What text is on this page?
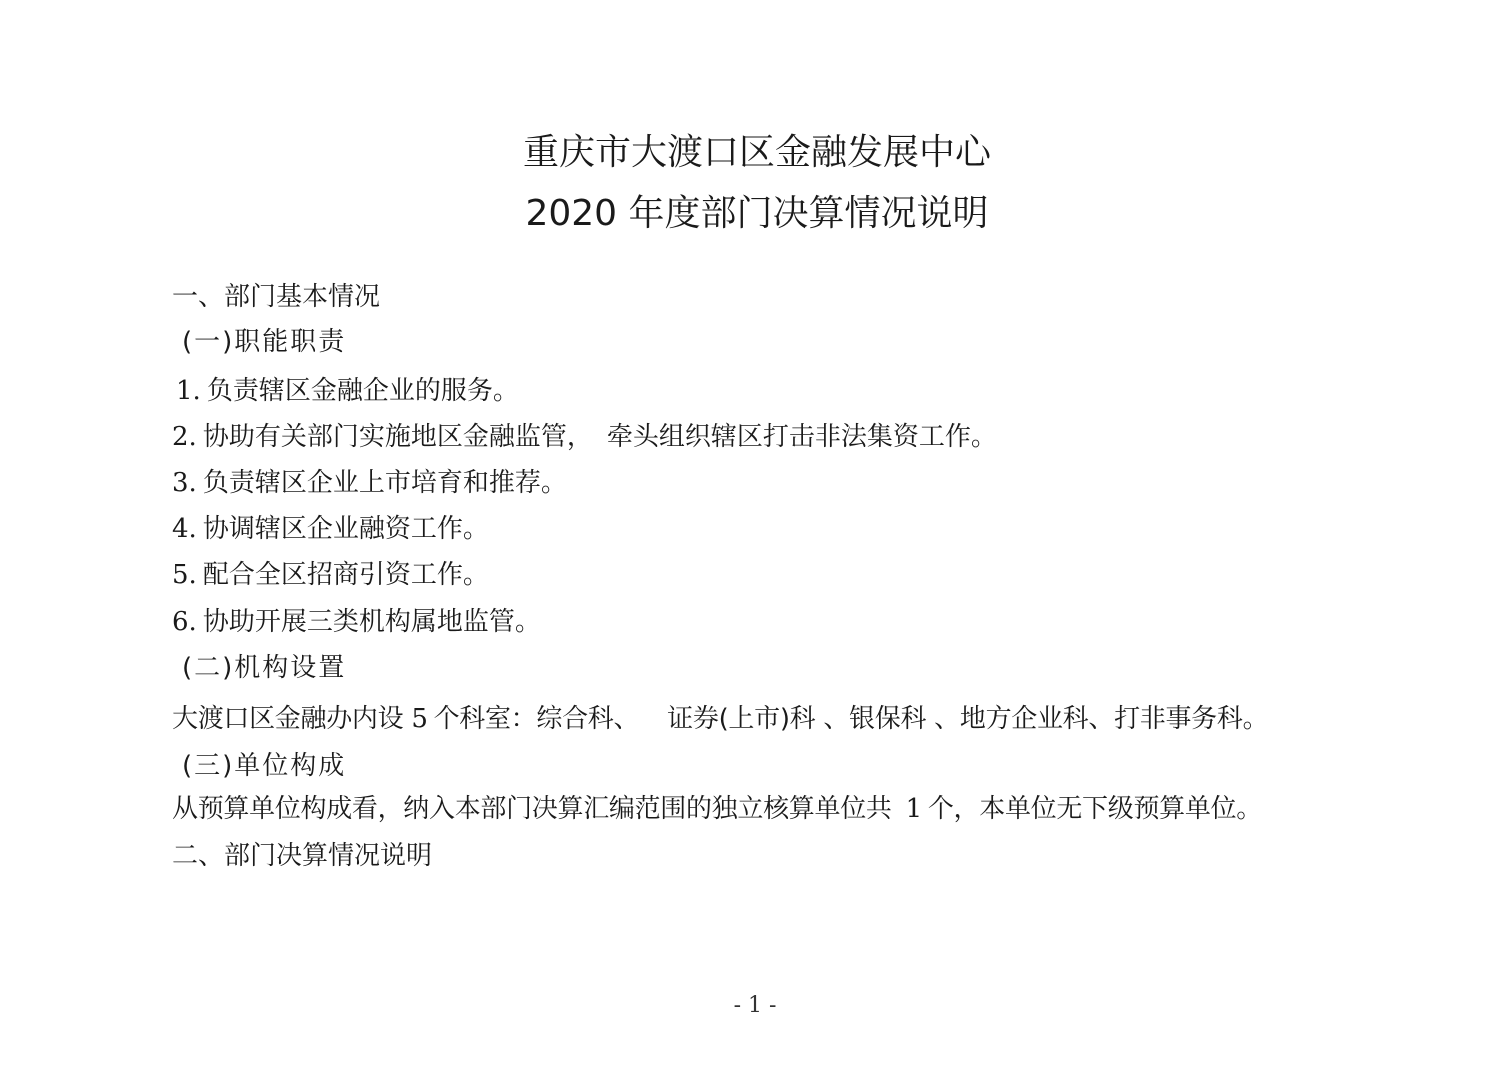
重庆市大渡口区金融发展中心
2020 年度部门决算情况说明
一、部门基本情况
(一)职能职责
1. 负责辖区金融企业的服务。
2. 协助有关部门实施地区金融监管， 牵头组织辖区打击非法集资工作。
3. 负责辖区企业上市培育和推荐。
4. 协调辖区企业融资工作。
5. 配合全区招商引资工作。
6. 协助开展三类机构属地监管。
(二)机构设置
大渡口区金融办内设 5 个科室：综合科、 证券(上市)科 、银保科 、地方企业科、打非事务科。
(三)单位构成
从预算单位构成看，纳入本部门决算汇编范围的独立核算单位共 1 个，本单位无下级预算单位。
二、部门决算情况说明
- 1 -
